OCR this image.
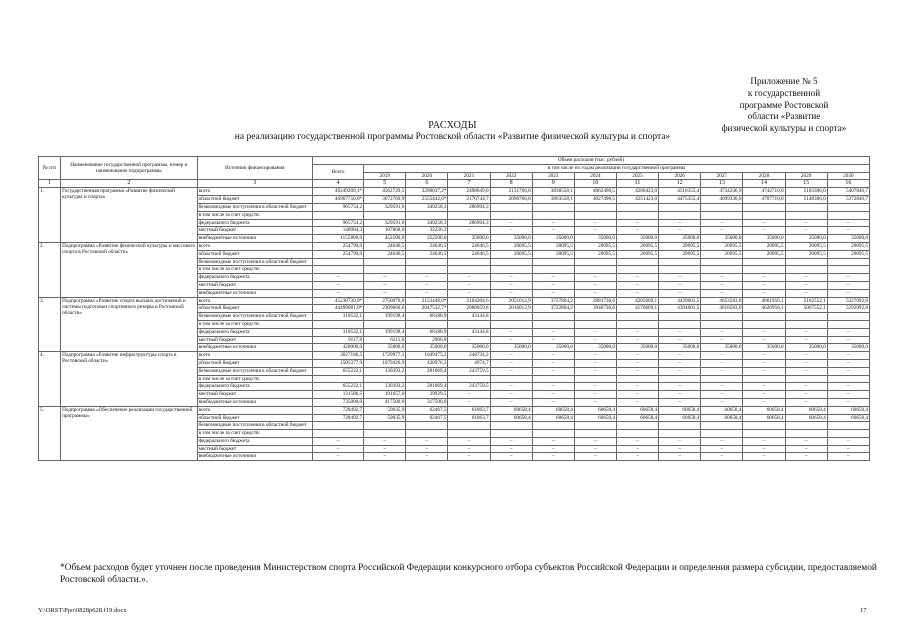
Приложение № 5
к государственной
программе Ростовской
области «Развитие
физической культуры и спорта»
РАСХОДЫ
на реализацию государственной программы Ростовской области «Развитие физической культуры и спорта»
№ п/п	Наименование государственной программы, номер и наименование подпрограммы	Источник финансирования	Объем расходов (тыс. рублей)												
			Всего	в том числе по годам реализации государственной программы											
				2019	2020	2021	2022	2023	2024	2025	2026	2027	2028	2029	2030
1	2	3	4	5	6	7	8	9	10	11	12	13	14	15	16
1.	Государственная программа «Развитие физической культуры и спорта»	всего	49249209,1*	4562729,5	3290037,2*	2498649,0	2131766,8	3838558,1	4062490,5	4286423,0	4510355,4	4734336,9	4742710,0	5183306,0	5407846,7
		областной бюджет	46967750,0*	3672769,9	2555442,6*	2176744,7	2096766,8	3803558,1	4027490,5	4251423,0	4475355,4	4699336,9	4707710,0	5148306,0	5372846,7
		безвозмездные поступления в областной бюджет	965754,2	329591,6	349258,3	286904,3									
		в том числе за счет средств:													
		федерального бюджета	965754,2	329591,6	349258,3	286904,3	–	–	–	–	–	–	–	–	–
		местный бюджет	140084,3	107868,0	32236,3	–	–	–	–	–	–	–	–	–	–
		внебюджетные источники	1155800,0	452500,0	352500,0	35000,0	35000,0	35000,0	35000,0	35000,0	35000,0	35000,0	35000,0	35000,0	35000,0
2.	Подпрограмма «Развитие физической культуры и массового спорта в Ростовской области»	всего	254799,0	24646,5	24646,5	24646,5	20095,5	20095,5	20095,5	20095,5	20095,5	20095,5	20095,5	20095,5	20095,5
		областной бюджет	254799,0	24646,5	24646,5	24646,5	20095,5	20095,5	20095,5	20095,5	20095,5	20095,5	20095,5	20095,5	20095,5
		безвозмездные поступления в областной бюджет													
		в том числе за счет средств:													
		федерального бюджета	–	–	–	–	–	–	–	–	–	–	–	–	–
		местный бюджет	–	–	–	–	–	–	–	–	–	–	–	–	–
		внебюджетные источники	–	–	–	–	–	–	–	–	–	–	–	–	–
3.	Подпрограмма «Развитие спорта высших достижений и системы подготовки спортивного резерва в Ростовской области»	всего	45238730,9*	2750070,0	2153448,0*	2164204,6	2051012,9	3757804,2	3981736,6	4205669,1	4429601,5	4653583,0	4661956,1	5102552,1	5327092,8
		областной бюджет	44499081,0*	2309660,6	2047532,7*	2080059,8	2016012,9	3722804,2	3946736,6	4170669,1	4394601,5	4618583,0	4626956,1	5067552,1	5292092,8
		безвозмездные поступления в областной бюджет	310532,1	199198,4	68188,9	43144,8									
		в том числе за счет средств:													
		федерального бюджета	310532,1	199198,4	68188,9	43144,8	–	–	–	–	–	–	–	–	–
		местный бюджет	9117,8	6211,0	2906,8	–	–	–	–	–	–	–	–	–	–
		внебюджетные источники	420000,0	35000,0	35000,0	35000,0	35000,0	35000,0	35000,0	35000,0	35000,0	35000,0	35000,0	35000,0	35000,0
4.	Подпрограмма «Развитие инфраструктуры спорта в Ростовской области»	всего	3027186,5	1729977,1	1049475,2	248734,2	–	–	–	–	–	–	–	–	–
		областной бюджет	1505377,9	1079426,9	420976,3	4974,7	–	–	–	–	–	–	–	–	–
		безвозмездные поступления в областной бюджет	655222,1	130393,2	281069,4	243759,5	–	–	–	–	–	–	–	–	–
		в том числе за счет средств:													
		федерального бюджета	655222,1	130393,2	281069,4	243759,5	–	–	–	–	–	–	–	–	–
		местный бюджет	131586,5	101657,0	29929,5	–	–	–	–	–	–	–	–	–	–
		внебюджетные источники	735000,0	417500,0	317500,0	–	–	–	–	–	–	–	–	–	–
5.	Подпрограмма «Обеспечение реализации государственной программы»	всего	728492,7	59035,9	62467,5	61063,7	60658,4	60658,4	60658,4	60658,4	60658,4	60658,4	60658,4	60658,4	60658,4
		областной бюджет	728492,7	59035,9	62467,5	61063,7	60658,4	60658,4	60658,4	60658,4	60658,4	60658,4	60658,4	60658,4	60658,4
		безвозмездные поступления в областной бюджет													
		в том числе за счет средств:													
		федерального бюджета	–	–	–	–	–	–	–	–	–	–	–	–	–
		местный бюджет	–	–	–	–	–	–	–	–	–	–	–	–	–
		внебюджетные источники	–	–	–	–	–	–	–	–	–	–	–	–	–
*Объем расходов будет уточнен после проведения Министерством спорта Российской Федерации конкурсного отбора субъектов Российской Федерации и определения размера субсидии, предоставляемой Ростовской области.».
Y:\ORST\Ppo\0828p628.f19.docx	17
